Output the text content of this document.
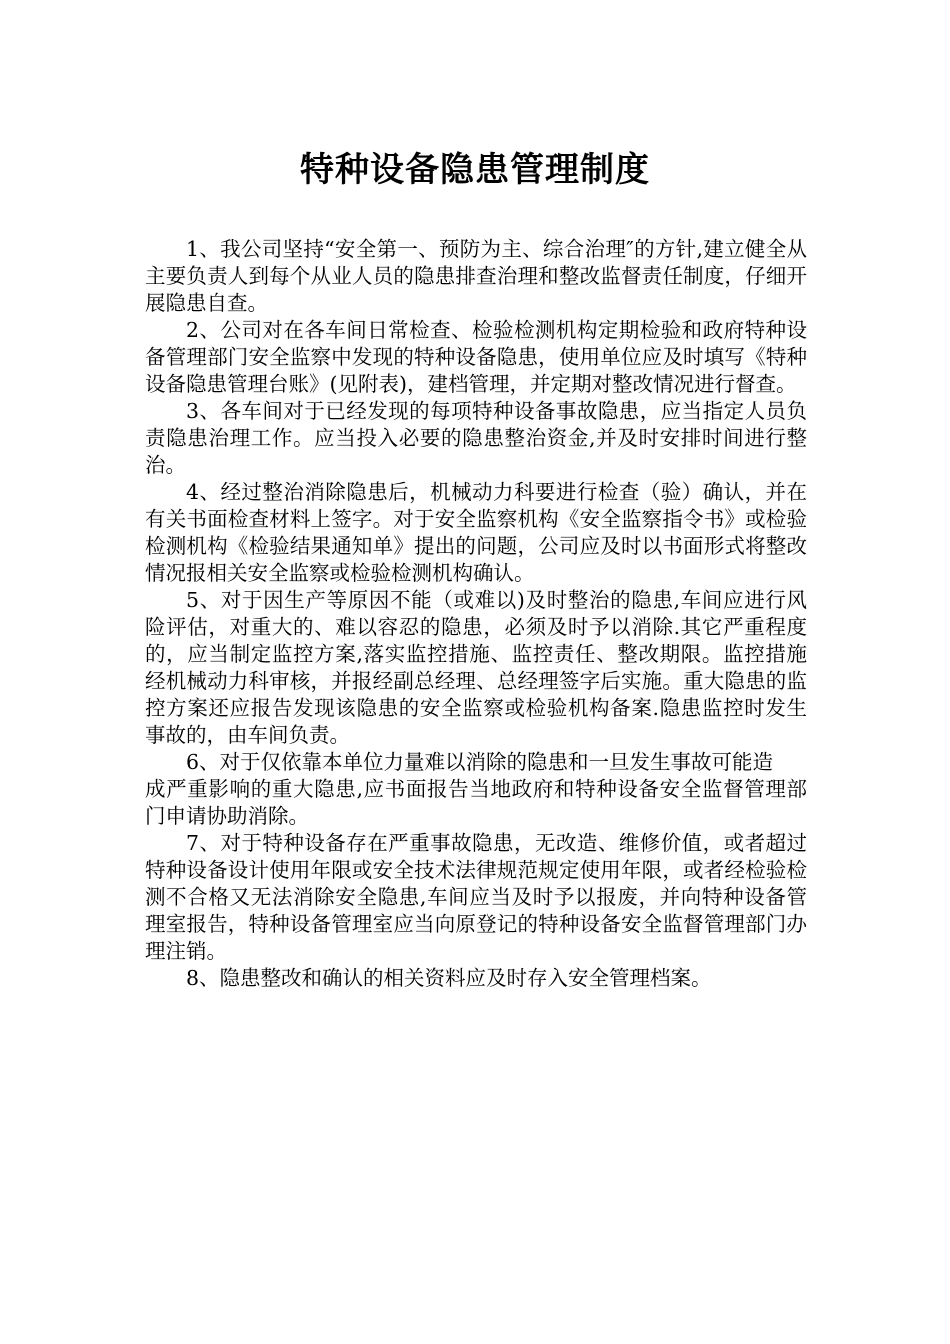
特种设备隐患管理制度

1、我公司坚持“安全第一、预防为主、综合治理″的方针,建立健全从主要负责人到每个从业人员的隐患排查治理和整改监督责任制度，仔细开展隐患自查。

2、公司对在各车间日常检查、检验检测机构定期检验和政府特种设备管理部门安全监察中发现的特种设备隐患，使用单位应及时填写《特种设备隐患管理台账》(见附表)，建档管理，并定期对整改情况进行督查。

3、各车间对于已经发现的每项特种设备事故隐患，应当指定人员负责隐患治理工作。应当投入必要的隐患整治资金,并及时安排时间进行整治。

4、经过整治消除隐患后，机械动力科要进行检查（验）确认，并在有关书面检查材料上签字。对于安全监察机构《安全监察指令书》或检验检测机构《检验结果通知单》提出的问题，公司应及时以书面形式将整改情况报相关安全监察或检验检测机构确认。

5、对于因生产等原因不能（或难以)及时整治的隐患,车间应进行风险评估，对重大的、难以容忍的隐患，必须及时予以消除.其它严重程度的，应当制定监控方案,落实监控措施、监控责任、整改期限。监控措施经机械动力科审核，并报经副总经理、总经理签字后实施。重大隐患的监控方案还应报告发现该隐患的安全监察或检验机构备案.隐患监控时发生事故的，由车间负责。

6、对于仅依靠本单位力量难以消除的隐患和一旦发生事故可能造

成严重影响的重大隐患,应书面报告当地政府和特种设备安全监督管理部门申请协助消除。

7、对于特种设备存在严重事故隐患，无改造、维修价值，或者超过特种设备设计使用年限或安全技术法律规范规定使用年限，或者经检验检测不合格又无法消除安全隐患,车间应当及时予以报废，并向特种设备管理室报告，特种设备管理室应当向原登记的特种设备安全监督管理部门办理注销。

8、隐患整改和确认的相关资料应及时存入安全管理档案。
